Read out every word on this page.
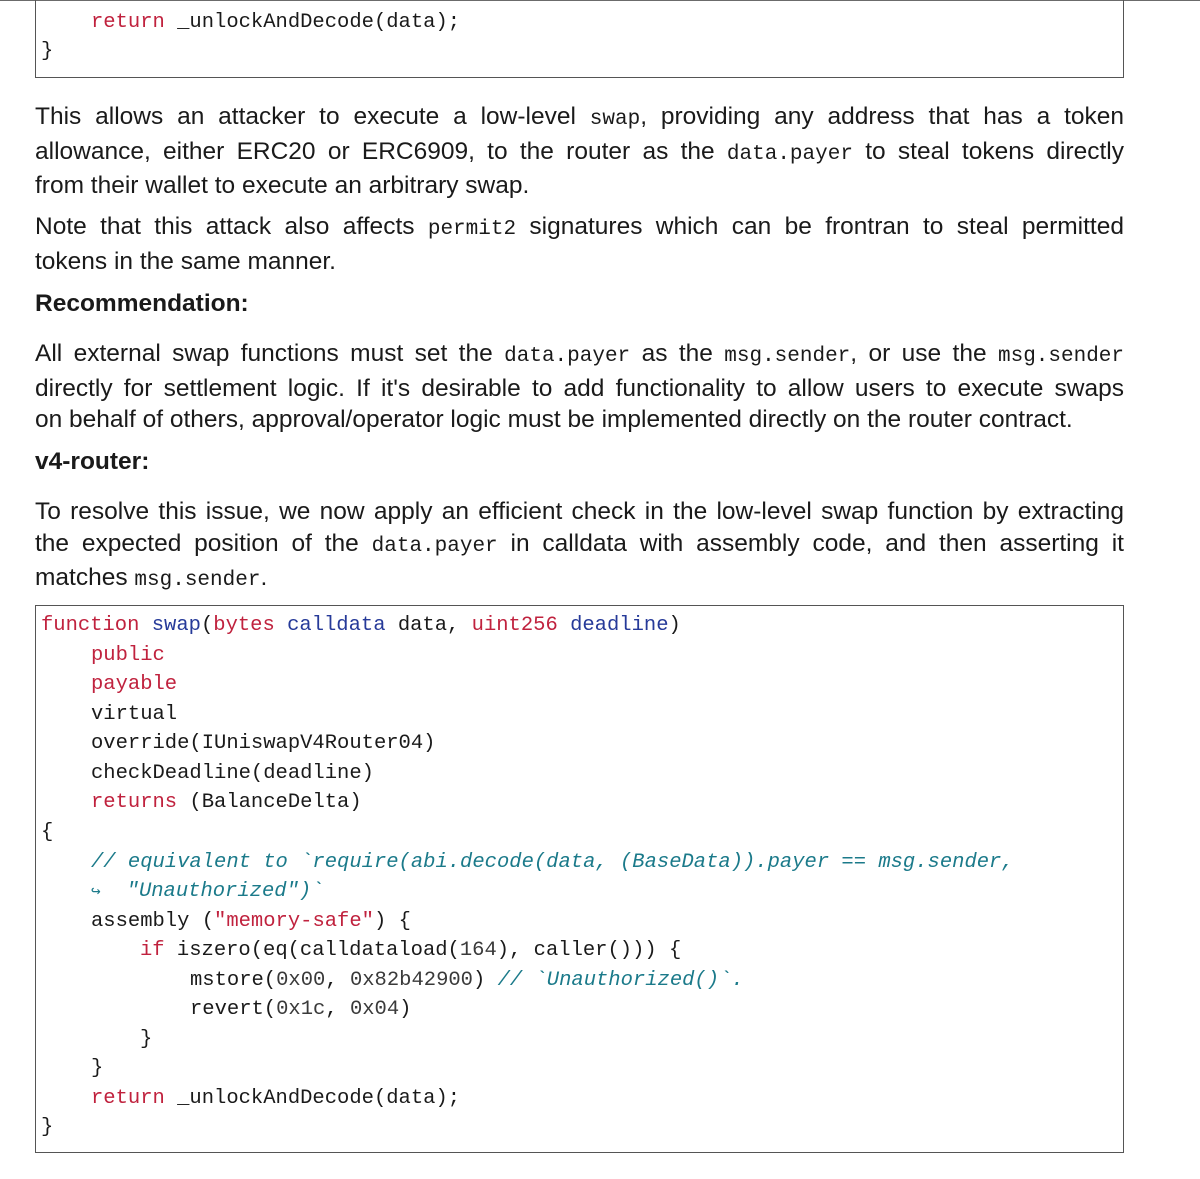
return _unlockAndDecode(data);
}
This allows an attacker to execute a low-level swap, providing any address that has a token
allowance, either ERC20 or ERC6909, to the router as the data.payer to steal tokens directly
from their wallet to execute an arbitrary swap.
Note that this attack also affects permit2 signatures which can be frontran to steal permitted
tokens in the same manner.
Recommendation:
All external swap functions must set the data.payer as the msg.sender, or use the msg.sender
directly for settlement logic. If it's desirable to add functionality to allow users to execute swaps
on behalf of others, approval/operator logic must be implemented directly on the router contract.
v4-router:
To resolve this issue, we now apply an efficient check in the low-level swap function by extracting
the expected position of the data.payer in calldata with assembly code, and then asserting it
matches msg.sender.
function swap(bytes calldata data, uint256 deadline)
public
payable
virtual
override(IUniswapV4Router04)
checkDeadline(deadline)
returns (BalanceDelta)
{
// equivalent to `require(abi.decode(data, (BaseData)).payer == msg.sender,
↪ "Unauthorized")`
assembly ("memory-safe") {
if iszero(eq(calldataload(164), caller())) {
mstore(0x00, 0x82b42900) // `Unauthorized()`.
revert(0x1c, 0x04)
}
}
return _unlockAndDecode(data);
}
